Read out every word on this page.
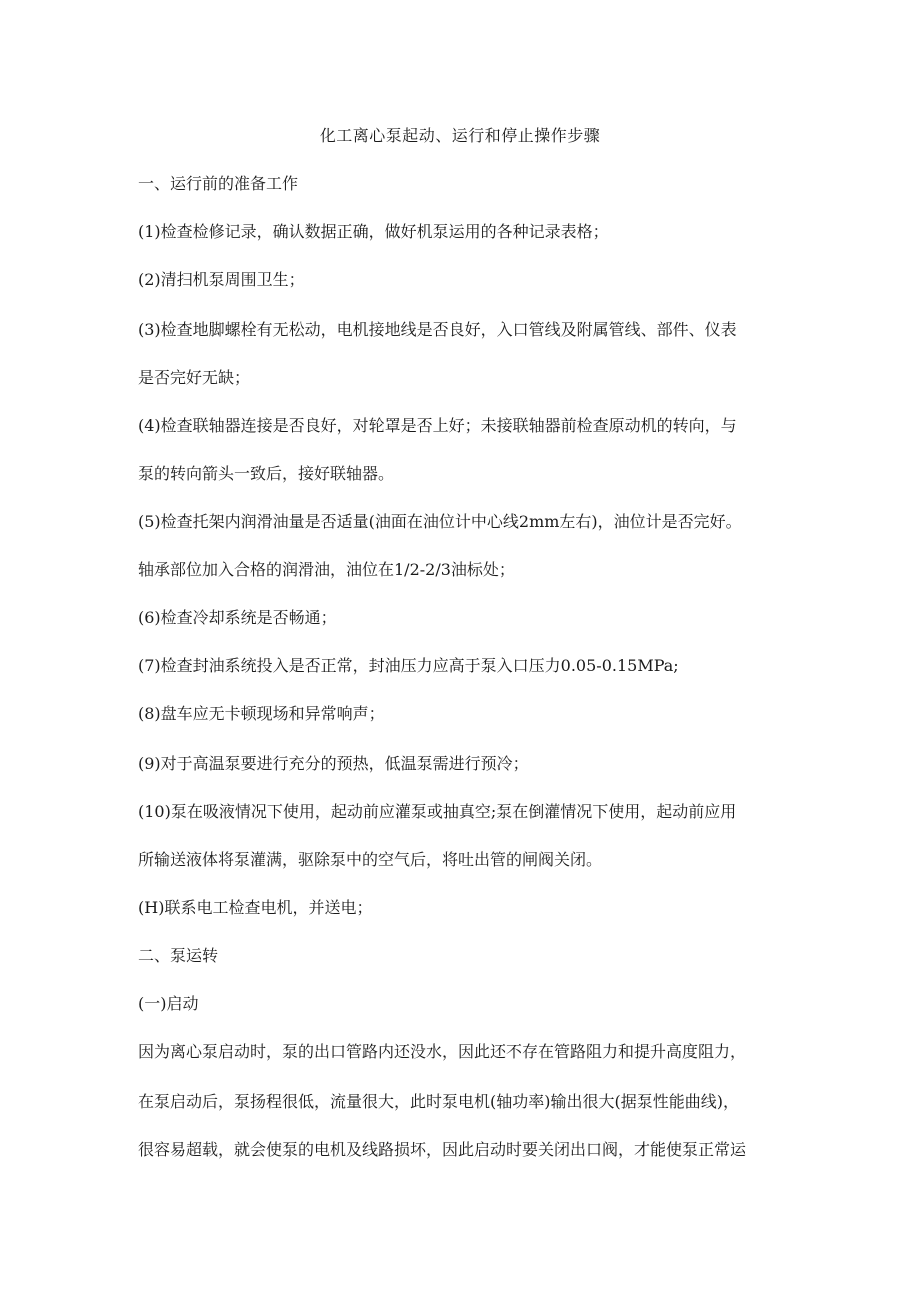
化工离心泵起动、运行和停止操作步骤
一、运行前的准备工作
(1)检查检修记录，确认数据正确，做好机泵运用的各种记录表格；
(2)清扫机泵周围卫生；
(3)检查地脚螺栓有无松动，电机接地线是否良好，入口管线及附属管线、部件、仪表
是否完好无缺；
(4)检查联轴器连接是否良好，对轮罩是否上好；未接联轴器前检查原动机的转向，与
泵的转向箭头一致后，接好联轴器。
(5)检查托架内润滑油量是否适量(油面在油位计中心线2mm左右)，油位计是否完好。
轴承部位加入合格的润滑油，油位在1/2-2/3油标处；
(6)检查冷却系统是否畅通；
(7)检查封油系统投入是否正常，封油压力应高于泵入口压力0.05-0.15MPa;
(8)盘车应无卡顿现场和异常响声；
(9)对于高温泵要进行充分的预热，低温泵需进行预冷；
(10)泵在吸液情况下使用，起动前应灌泵或抽真空;泵在倒灌情况下使用，起动前应用
所输送液体将泵灌满，驱除泵中的空气后，将吐出管的闸阀关闭。
(H)联系电工检查电机，并送电；
二、泵运转
(一)启动
因为离心泵启动时，泵的出口管路内还没水，因此还不存在管路阻力和提升高度阻力，
在泵启动后，泵扬程很低，流量很大，此时泵电机(轴功率)输出很大(据泵性能曲线)，
很容易超载，就会使泵的电机及线路损坏，因此启动时要关闭出口阀，才能使泵正常运
